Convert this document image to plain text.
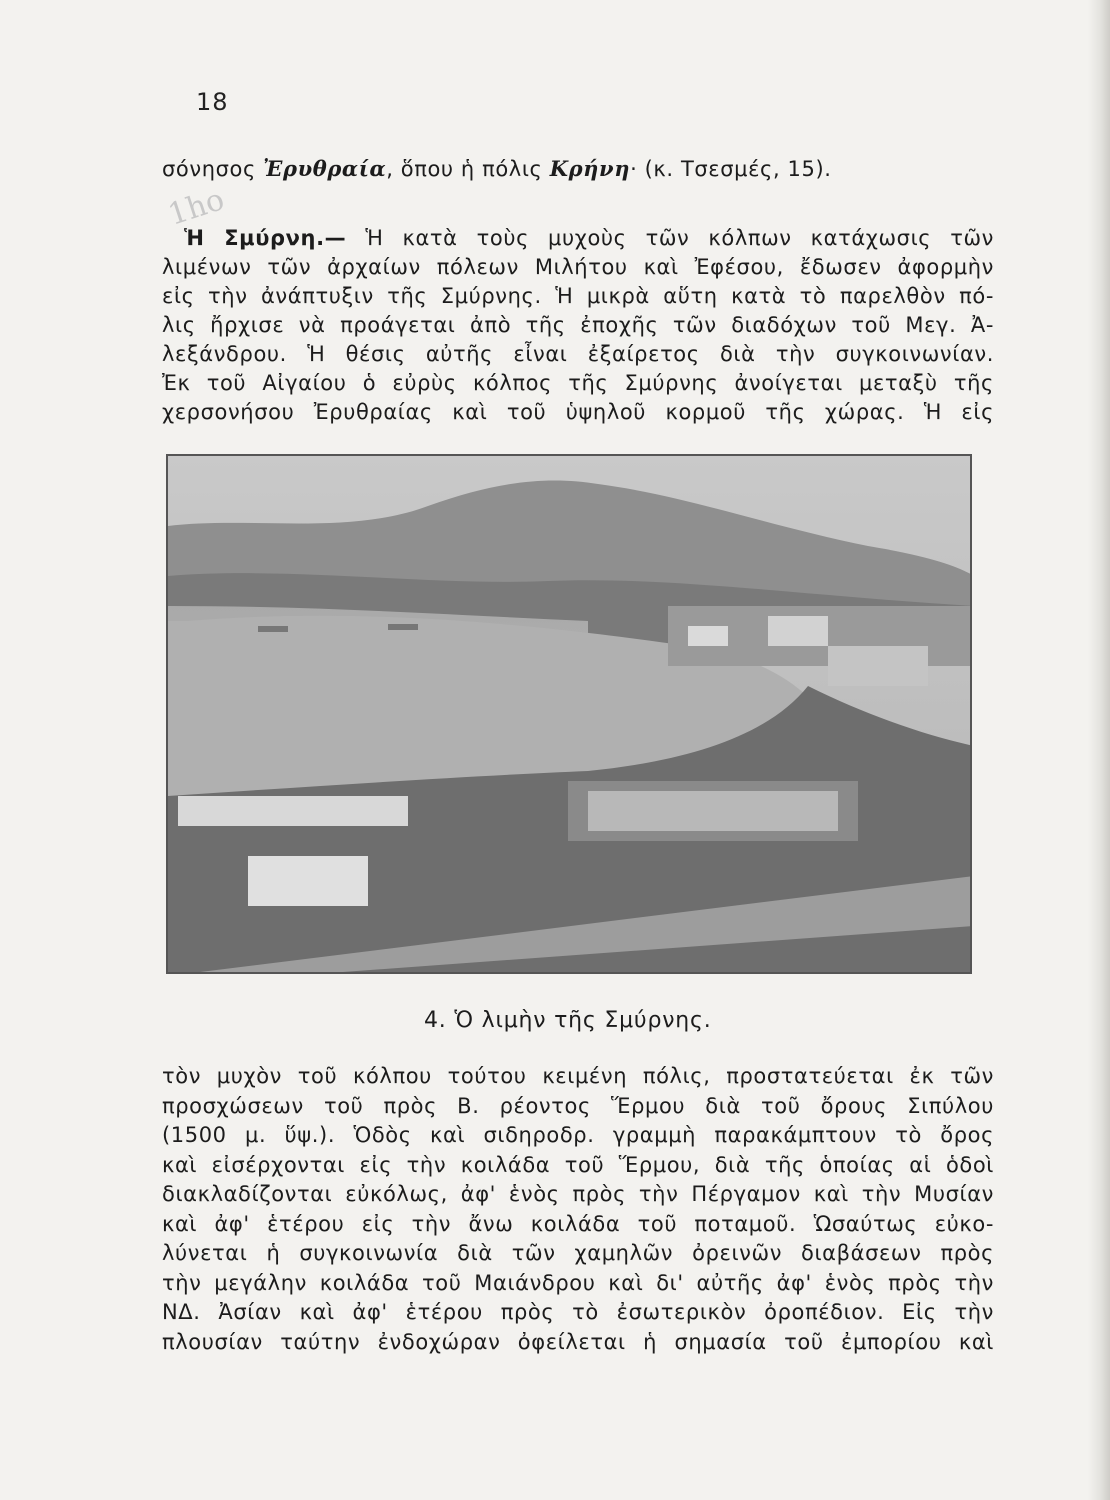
1ho
18
σόνησος Ἐρυθραία, ὅπου ἡ πόλις Κρήνη· (κ. Τσεσμές, 15).
Ἡ Σμύρνη.— Ἡ κατὰ τοὺς μυχοὺς τῶν κόλπων κατάχωσις τῶν
λιμένων τῶν ἀρχαίων πόλεων Μιλήτου καὶ Ἐφέσου, ἔδωσεν ἀφορμὴν
εἰς τὴν ἀνάπτυξιν τῆς Σμύρνης. Ἡ μικρὰ αὕτη κατὰ τὸ παρελθὸν πό-
λις ἤρχισε νὰ προάγεται ἀπὸ τῆς ἐποχῆς τῶν διαδόχων τοῦ Μεγ. Ἀ-
λεξάνδρου. Ἡ θέσις αὐτῆς εἶναι ἐξαίρετος διὰ τὴν συγκοινωνίαν.
Ἐκ τοῦ Αἰγαίου ὁ εὐρὺς κόλπος τῆς Σμύρνης ἀνοίγεται μεταξὺ τῆς
χερσονήσου Ἐρυθραίας καὶ τοῦ ὑψηλοῦ κορμοῦ τῆς χώρας. Ἡ εἰς
4. Ὁ λιμὴν τῆς Σμύρνης.
τὸν μυχὸν τοῦ κόλπου τούτου κειμένη πόλις, προστατεύεται ἐκ τῶν
προσχώσεων τοῦ πρὸς Β. ρέοντος Ἕρμου διὰ τοῦ ὄρους Σιπύλου
(1500 μ. ὕψ.). Ὁδὸς καὶ σιδηροδρ. γραμμὴ παρακάμπτουν τὸ ὄρος
καὶ εἰσέρχονται εἰς τὴν κοιλάδα τοῦ Ἕρμου, διὰ τῆς ὁποίας αἱ ὁδοὶ
διακλαδίζονται εὐκόλως, ἀφ' ἑνὸς πρὸς τὴν Πέργαμον καὶ τὴν Μυσίαν
καὶ ἀφ' ἑτέρου εἰς τὴν ἄνω κοιλάδα τοῦ ποταμοῦ. Ὡσαύτως εὐκο-
λύνεται ἡ συγκοινωνία διὰ τῶν χαμηλῶν ὀρεινῶν διαβάσεων πρὸς
τὴν μεγάλην κοιλάδα τοῦ Μαιάνδρου καὶ δι' αὐτῆς ἀφ' ἑνὸς πρὸς τὴν
ΝΔ. Ἀσίαν καὶ ἀφ' ἑτέρου πρὸς τὸ ἐσωτερικὸν ὀροπέδιον. Εἰς τὴν
πλουσίαν ταύτην ἐνδοχώραν ὀφείλεται ἡ σημασία τοῦ ἐμπορίου καὶ
